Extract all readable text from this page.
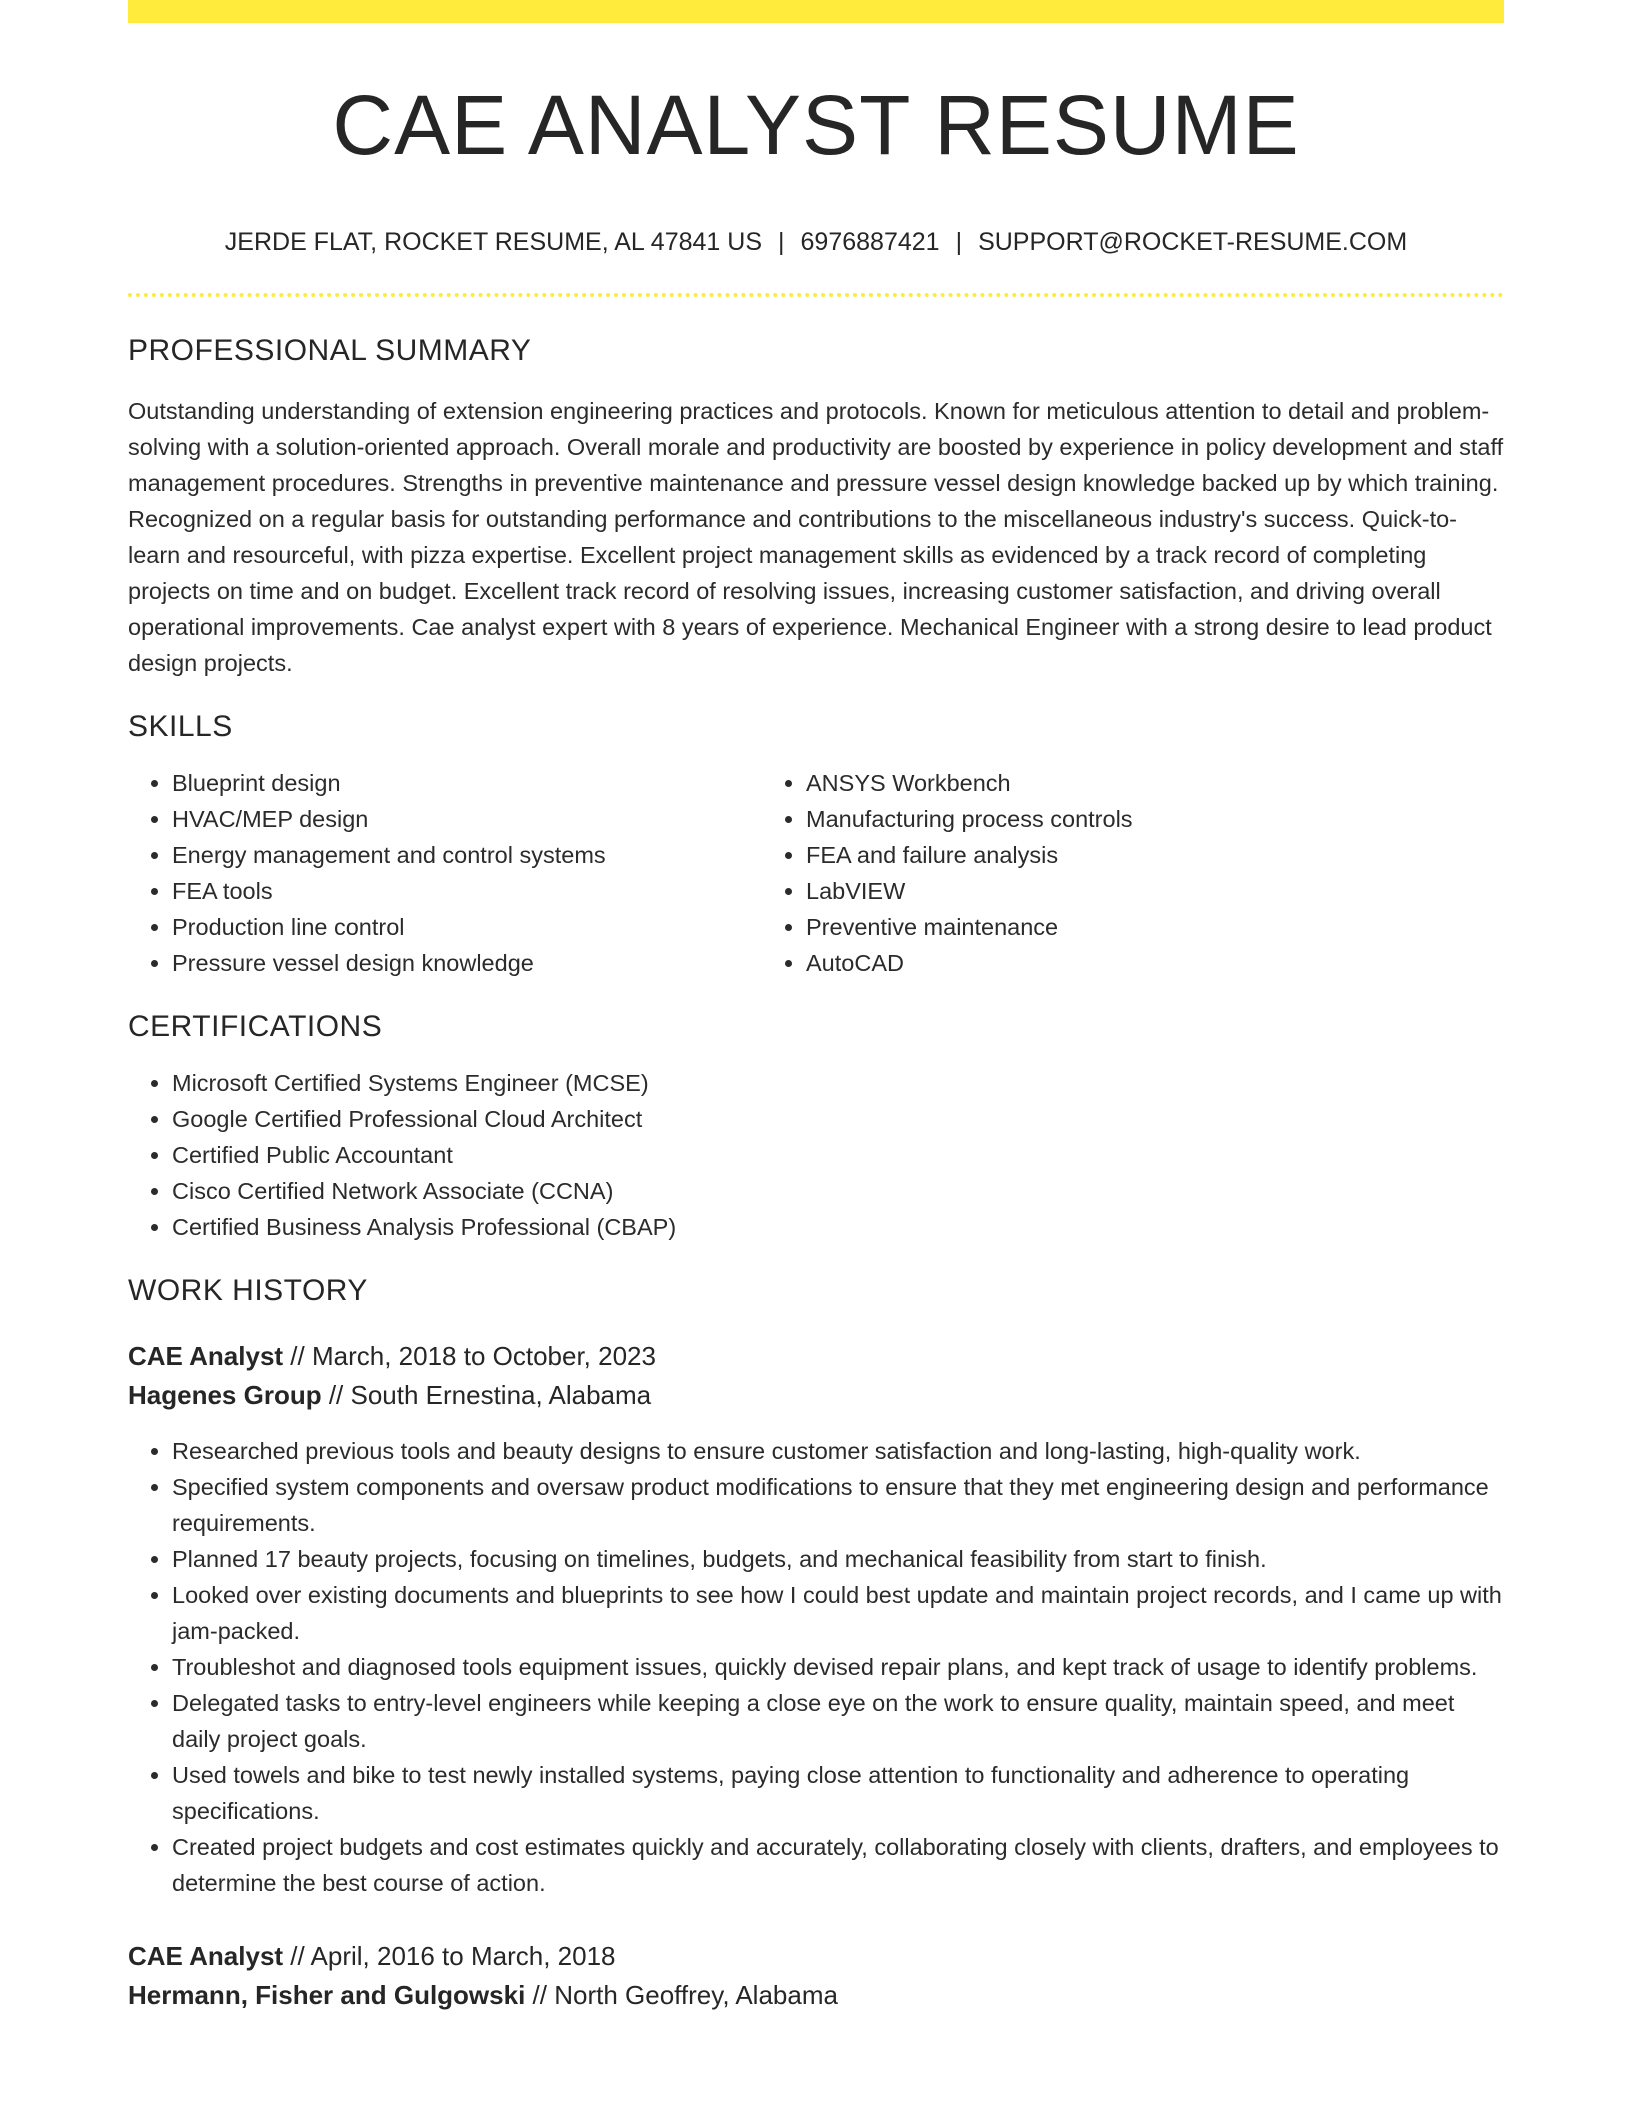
CAE ANALYST RESUME
JERDE FLAT, ROCKET RESUME, AL 47841 US | 6976887421 | SUPPORT@ROCKET-RESUME.COM
PROFESSIONAL SUMMARY

Outstanding understanding of extension engineering practices and protocols. Known for meticulous attention to detail and problem-solving with a solution-oriented approach. Overall morale and productivity are boosted by experience in policy development and staff management procedures. Strengths in preventive maintenance and pressure vessel design knowledge backed up by which training. Recognized on a regular basis for outstanding performance and contributions to the miscellaneous industry's success. Quick-to-learn and resourceful, with pizza expertise. Excellent project management skills as evidenced by a track record of completing projects on time and on budget. Excellent track record of resolving issues, increasing customer satisfaction, and driving overall operational improvements. Cae analyst expert with 8 years of experience. Mechanical Engineer with a strong desire to lead product design projects.

SKILLS
• Blueprint design
• HVAC/MEP design
• Energy management and control systems
• FEA tools
• Production line control
• Pressure vessel design knowledge
• ANSYS Workbench
• Manufacturing process controls
• FEA and failure analysis
• LabVIEW
• Preventive maintenance
• AutoCAD
CERTIFICATIONS
• Microsoft Certified Systems Engineer (MCSE)
• Google Certified Professional Cloud Architect
• Certified Public Accountant
• Cisco Certified Network Associate (CCNA)
• Certified Business Analysis Professional (CBAP)
WORK HISTORY
CAE Analyst // March, 2018 to October, 2023
Hagenes Group // South Ernestina, Alabama
• Researched previous tools and beauty designs to ensure customer satisfaction and long-lasting, high-quality work.
• Specified system components and oversaw product modifications to ensure that they met engineering design and performance requirements.
• Planned 17 beauty projects, focusing on timelines, budgets, and mechanical feasibility from start to finish.
• Looked over existing documents and blueprints to see how I could best update and maintain project records, and I came up with jam-packed.
• Troubleshot and diagnosed tools equipment issues, quickly devised repair plans, and kept track of usage to identify problems.
• Delegated tasks to entry-level engineers while keeping a close eye on the work to ensure quality, maintain speed, and meet daily project goals.
• Used towels and bike to test newly installed systems, paying close attention to functionality and adherence to operating specifications.
• Created project budgets and cost estimates quickly and accurately, collaborating closely with clients, drafters, and employees to determine the best course of action.
CAE Analyst // April, 2016 to March, 2018
Hermann, Fisher and Gulgowski // North Geoffrey, Alabama
